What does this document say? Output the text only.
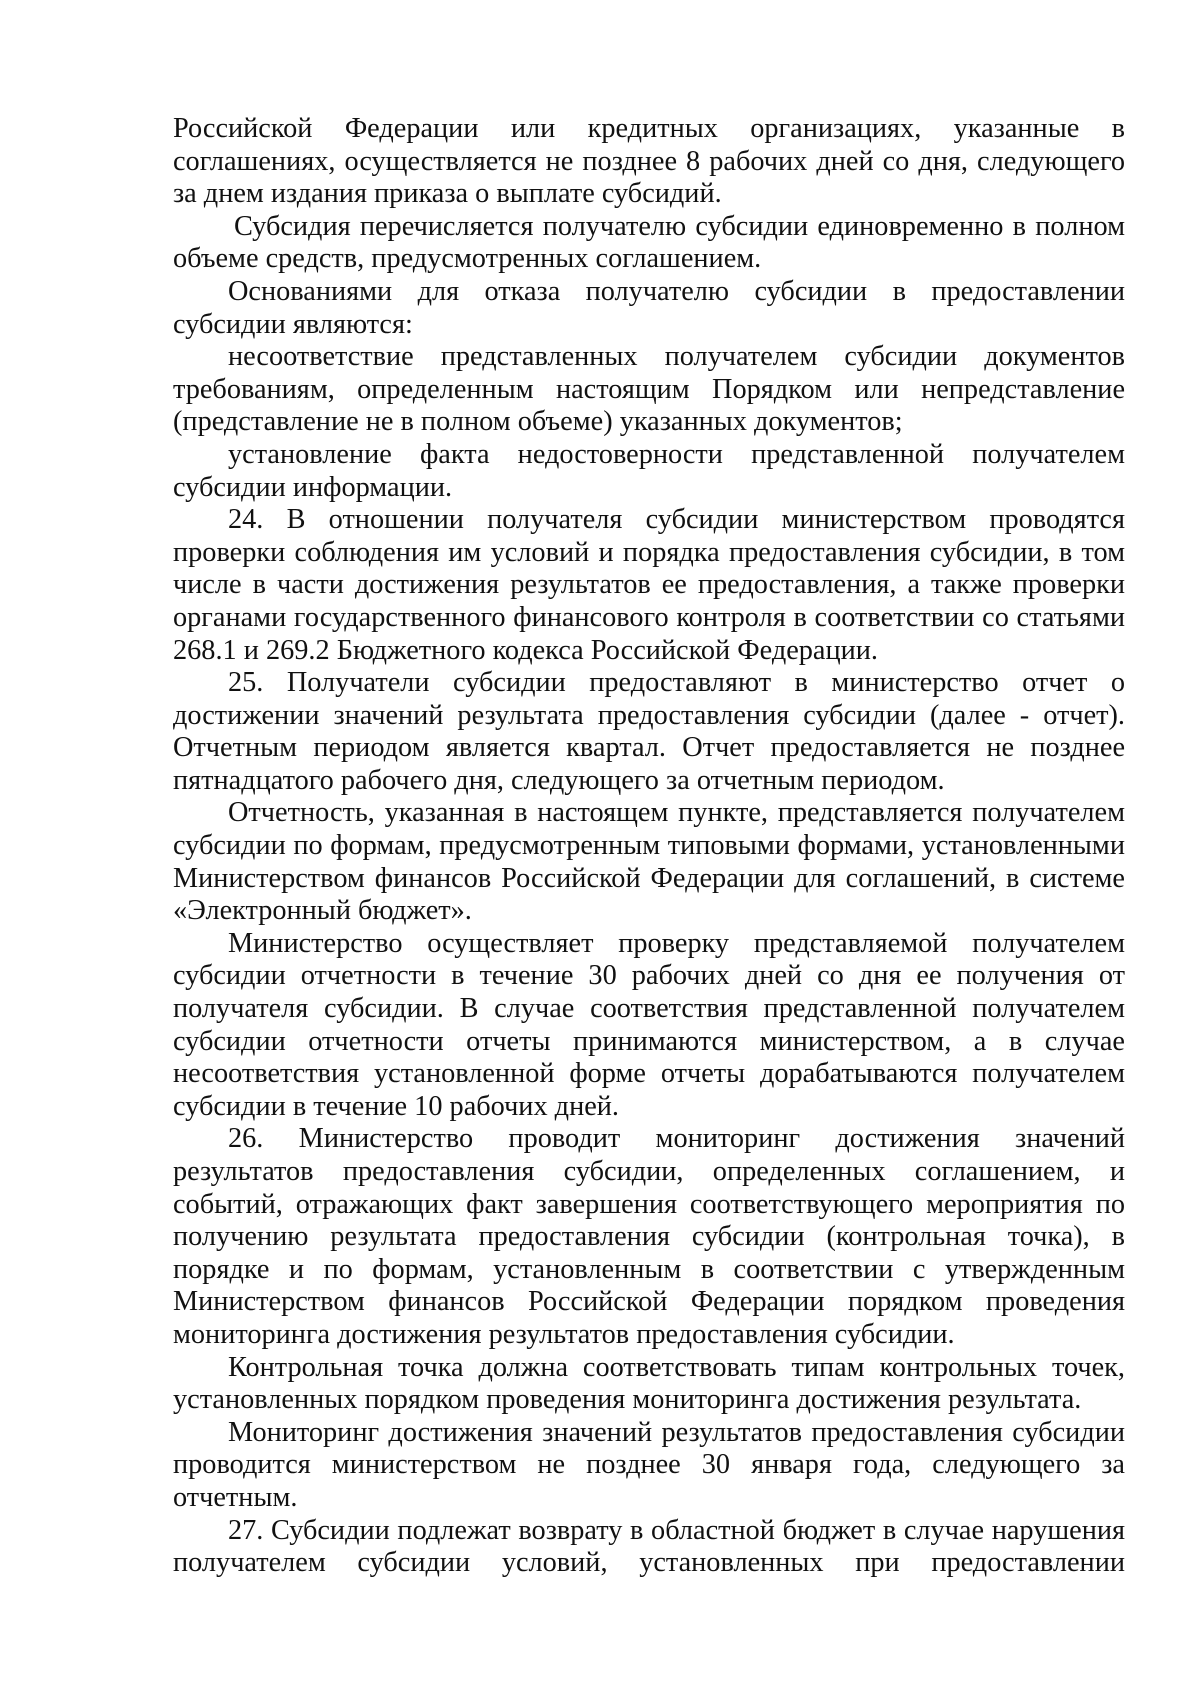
Российской Федерации или кредитных организациях, указанные в соглашениях, осуществляется не позднее 8 рабочих дней со дня, следующего за днем издания приказа о выплате субсидий.

Субсидия перечисляется получателю субсидии единовременно в полном объеме средств, предусмотренных соглашением.

Основаниями для отказа получателю субсидии в предоставлении субсидии являются:

несоответствие представленных получателем субсидии документов требованиям, определенным настоящим Порядком или непредставление (представление не в полном объеме) указанных документов;

установление факта недостоверности представленной получателем субсидии информации.

24. В отношении получателя субсидии министерством проводятся проверки соблюдения им условий и порядка предоставления субсидии, в том числе в части достижения результатов ее предоставления, а также проверки органами государственного финансового контроля в соответствии со статьями 268.1 и 269.2 Бюджетного кодекса Российской Федерации.

25. Получатели субсидии предоставляют в министерство отчет о достижении значений результата предоставления субсидии (далее - отчет). Отчетным периодом является квартал. Отчет предоставляется не позднее пятнадцатого рабочего дня, следующего за отчетным периодом.

Отчетность, указанная в настоящем пункте, представляется получателем субсидии по формам, предусмотренным типовыми формами, установленными Министерством финансов Российской Федерации для соглашений, в системе «Электронный бюджет».

Министерство осуществляет проверку представляемой получателем субсидии отчетности в течение 30 рабочих дней со дня ее получения от получателя субсидии. В случае соответствия представленной получателем субсидии отчетности отчеты принимаются министерством, а в случае несоответствия установленной форме отчеты дорабатываются получателем субсидии в течение 10 рабочих дней.

26. Министерство проводит мониторинг достижения значений результатов предоставления субсидии, определенных соглашением, и событий, отражающих факт завершения соответствующего мероприятия по получению результата предоставления субсидии (контрольная точка), в порядке и по формам, установленным в соответствии с утвержденным Министерством финансов Российской Федерации порядком проведения мониторинга достижения результатов предоставления субсидии.

Контрольная точка должна соответствовать типам контрольных точек, установленных порядком проведения мониторинга достижения результата.

Мониторинг достижения значений результатов предоставления субсидии проводится министерством не позднее 30 января года, следующего за отчетным.

27. Субсидии подлежат возврату в областной бюджет в случае нарушения получателем субсидии условий, установленных при предоставлении
